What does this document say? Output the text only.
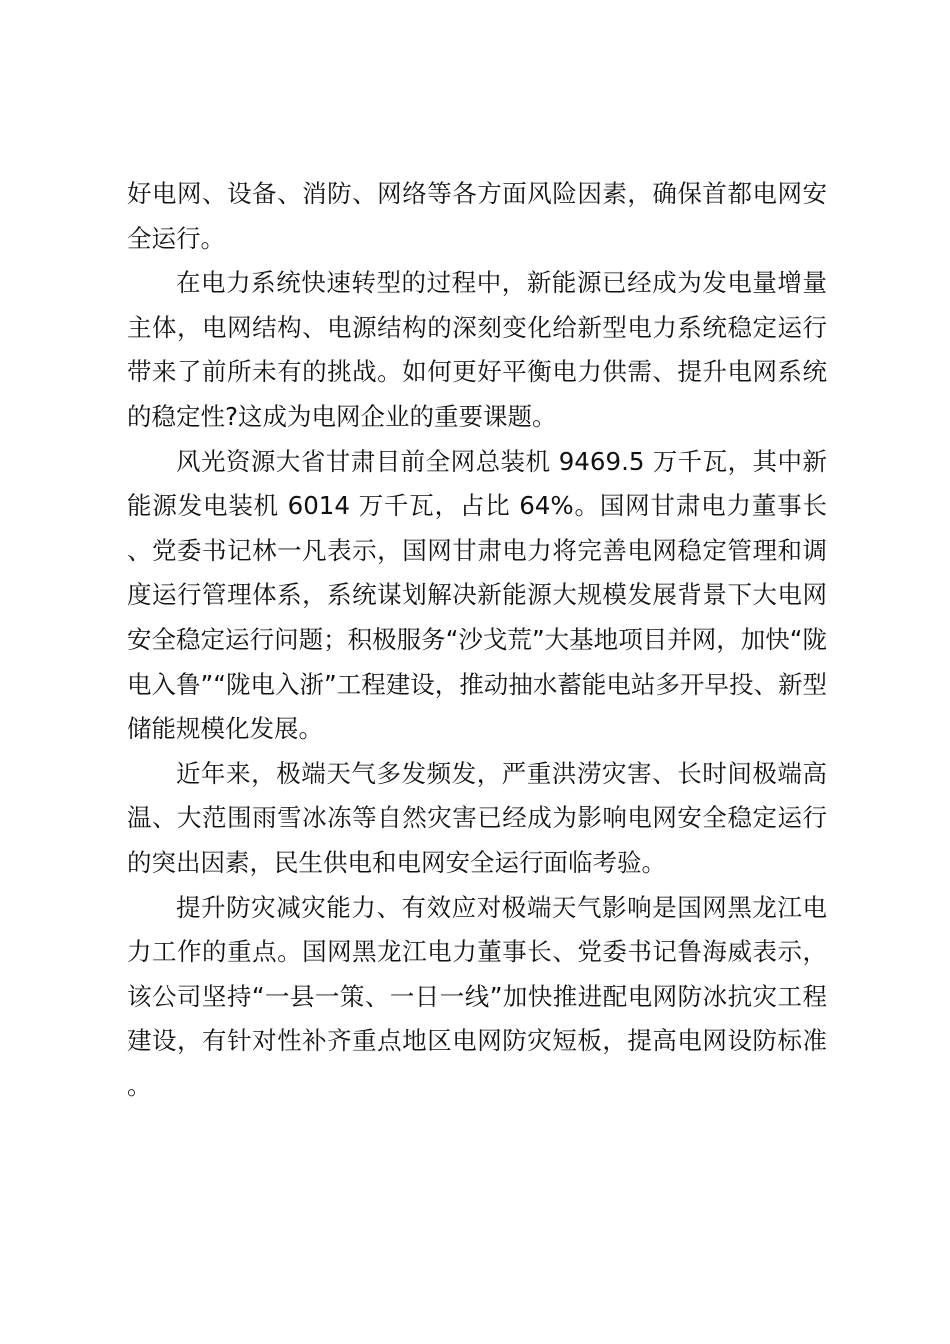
好电网、设备、消防、网络等各方面风险因素，确保首都电网安全运行。

在电力系统快速转型的过程中，新能源已经成为发电量增量主体，电网结构、电源结构的深刻变化给新型电力系统稳定运行带来了前所未有的挑战。如何更好平衡电力供需、提升电网系统的稳定性?这成为电网企业的重要课题。

风光资源大省甘肃目前全网总装机 9469.5 万千瓦，其中新能源发电装机 6014 万千瓦，占比 64%。国网甘肃电力董事长、党委书记林一凡表示，国网甘肃电力将完善电网稳定管理和调度运行管理体系，系统谋划解决新能源大规模发展背景下大电网安全稳定运行问题；积极服务“沙戈荒”大基地项目并网，加快“陇电入鲁”“陇电入浙”工程建设，推动抽水蓄能电站多开早投、新型储能规模化发展。

近年来，极端天气多发频发，严重洪涝灾害、长时间极端高温、大范围雨雪冰冻等自然灾害已经成为影响电网安全稳定运行的突出因素，民生供电和电网安全运行面临考验。

提升防灾减灾能力、有效应对极端天气影响是国网黑龙江电力工作的重点。国网黑龙江电力董事长、党委书记鲁海威表示，该公司坚持“一县一策、一日一线”加快推进配电网防冰抗灾工程建设，有针对性补齐重点地区电网防灾短板，提高电网设防标准。
